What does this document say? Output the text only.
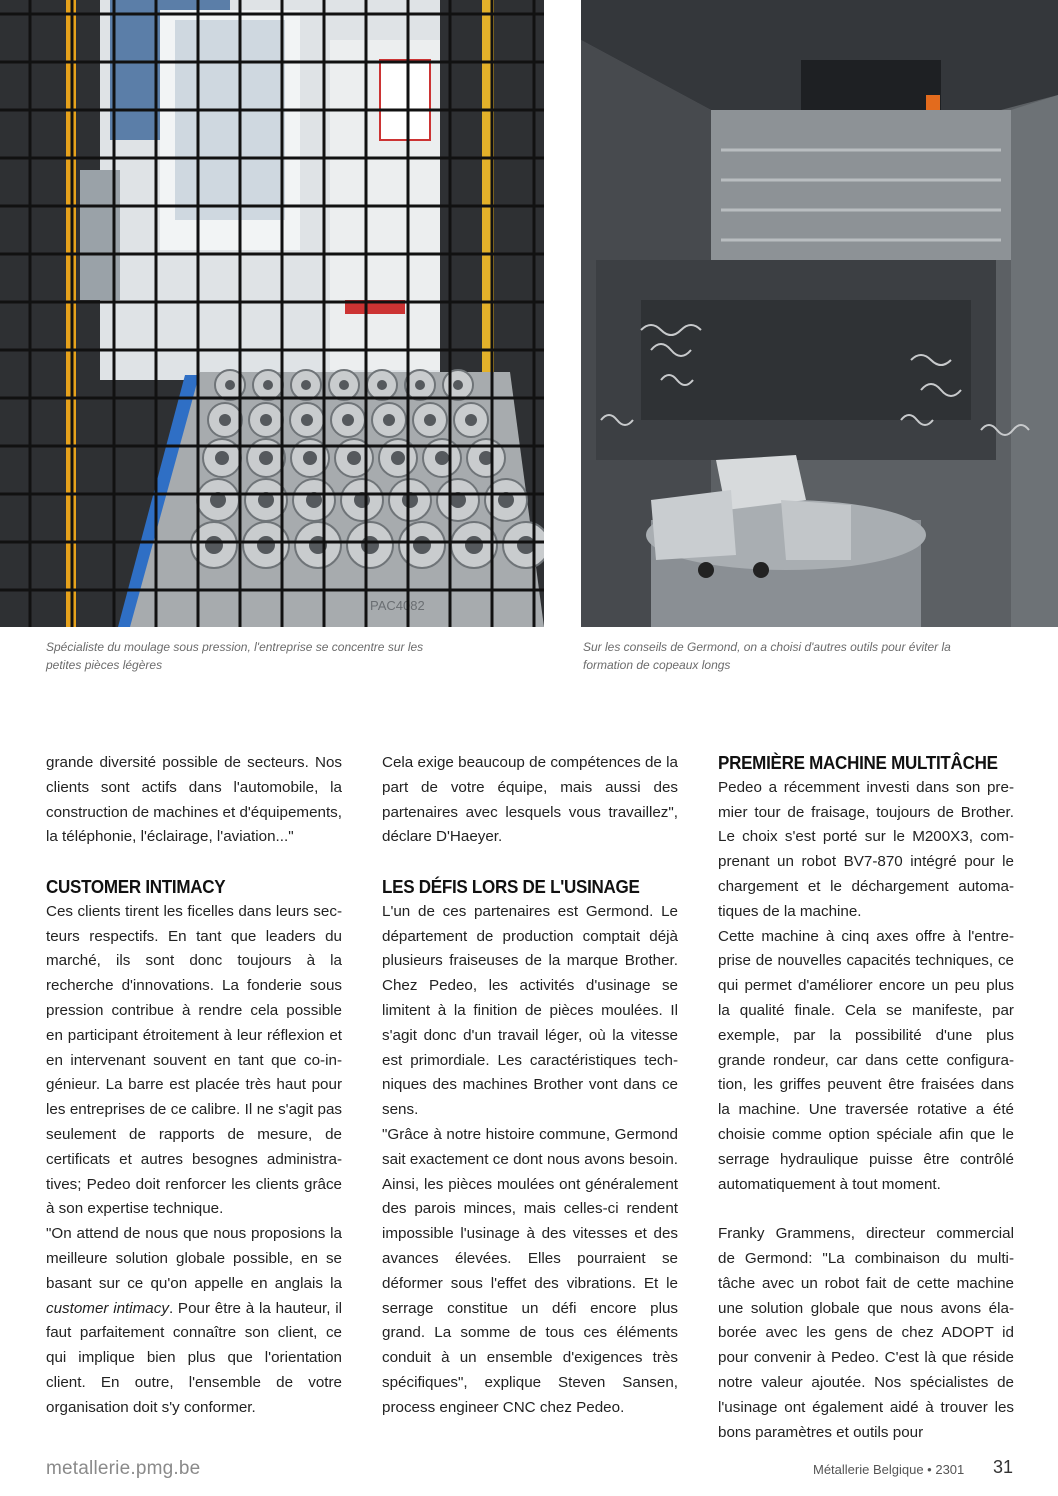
PAC4082

Spécialiste du moulage sous pression, l'entreprise se concentre sur les petites pièces légères

Sur les conseils de Germond, on a choisi d'autres outils pour éviter la formation de copeaux longs

grande diversité possible de secteurs. Nos clients sont actifs dans l'automobile, la construction de machines et d'équipements, la téléphonie, l'éclairage, l'aviation..."

CUSTOMER INTIMACY

Ces clients tirent les ficelles dans leurs secteurs respectifs. En tant que leaders du marché, ils sont donc toujours à la recherche d'innovations. La fonderie sous pression contribue à rendre cela possible en participant étroitement à leur réflexion et en intervenant souvent en tant que co-ingénieur. La barre est placée très haut pour les entreprises de ce calibre. Il ne s'agit pas seulement de rapports de mesure, de certificats et autres besognes administratives; Pedeo doit renforcer les clients grâce à son expertise technique.

"On attend de nous que nous proposions la meilleure solution globale possible, en se basant sur ce qu'on appelle en anglais la customer intimacy. Pour être à la hauteur, il faut parfaitement connaître son client, ce qui implique bien plus que l'orientation client. En outre, l'ensemble de votre organisation doit s'y conformer.

Cela exige beaucoup de compétences de la part de votre équipe, mais aussi des partenaires avec lesquels vous travaillez", déclare D'Haeyer.

LES DÉFIS LORS DE L'USINAGE

L'un de ces partenaires est Germond. Le département de production comptait déjà plusieurs fraiseuses de la marque Brother. Chez Pedeo, les activités d'usinage se limitent à la finition de pièces moulées. Il s'agit donc d'un travail léger, où la vitesse est primordiale. Les caractéristiques techniques des machines Brother vont dans ce sens.

"Grâce à notre histoire commune, Germond sait exactement ce dont nous avons besoin. Ainsi, les pièces moulées ont généralement des parois minces, mais celles-ci rendent impossible l'usinage à des vitesses et des avances élevées. Elles pourraient se déformer sous l'effet des vibrations. Et le serrage constitue un défi encore plus grand. La somme de tous ces éléments conduit à un ensemble d'exigences très spécifiques", explique Steven Sansen, process engineer CNC chez Pedeo.

PREMIÈRE MACHINE MULTITÂCHE

Pedeo a récemment investi dans son premier tour de fraisage, toujours de Brother. Le choix s'est porté sur le M200X3, comprenant un robot BV7-870 intégré pour le chargement et le déchargement automatiques de la machine.

Cette machine à cinq axes offre à l'entreprise de nouvelles capacités techniques, ce qui permet d'améliorer encore un peu plus la qualité finale. Cela se manifeste, par exemple, par la possibilité d'une plus grande rondeur, car dans cette configuration, les griffes peuvent être fraisées dans la machine. Une traversée rotative a été choisie comme option spéciale afin que le serrage hydraulique puisse être contrôlé automatiquement à tout moment.

Franky Grammens, directeur commercial de Germond: "La combinaison du multitâche avec un robot fait de cette machine une solution globale que nous avons élaborée avec les gens de chez ADOPT id pour convenir à Pedeo. C'est là que réside notre valeur ajoutée. Nos spécialistes de l'usinage ont également aidé à trouver les bons paramètres et outils pour

metallerie.pmg.be	Métallerie Belgique • 2301 31
